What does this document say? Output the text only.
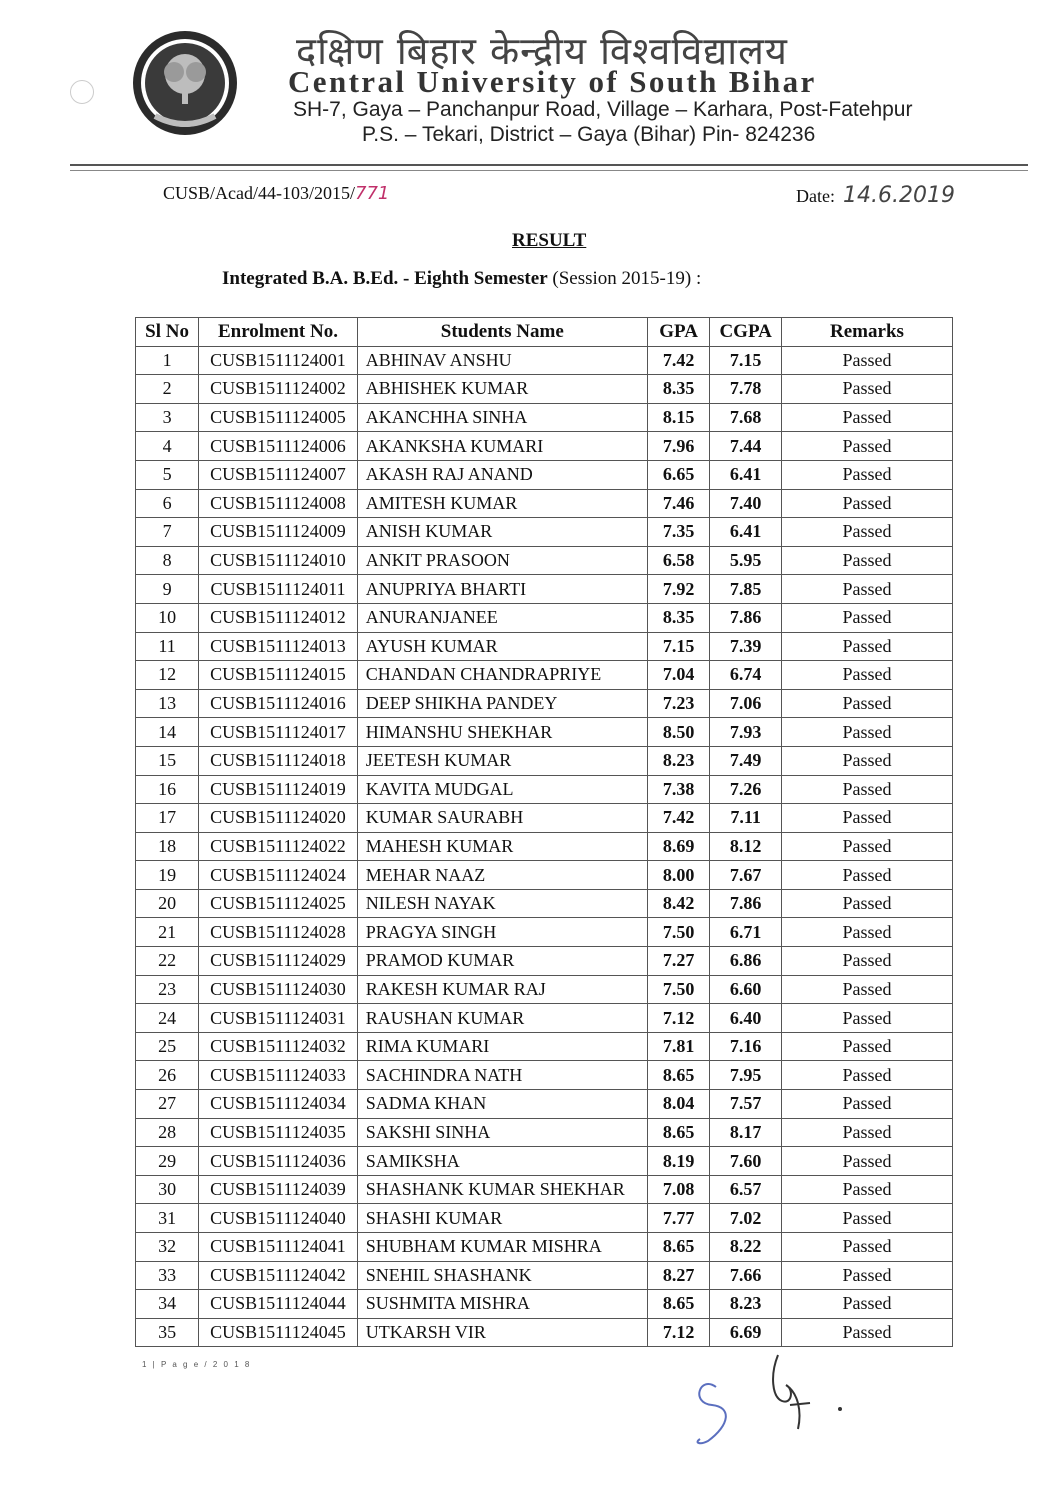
दक्षिण बिहार केन्द्रीय विश्वविद्यालय
Central University of South Bihar
SH-7, Gaya – Panchanpur Road, Village – Karhara, Post-Fatehpur
P.S. – Tekari, District – Gaya (Bihar) Pin- 824236
CUSB/Acad/44-103/2015/771	Date: 14.6.2019
RESULT
Integrated B.A. B.Ed. - Eighth Semester (Session 2015-19) :
Sl No	Enrolment No.	Students Name	GPA	CGPA	Remarks
1	CUSB1511124001	ABHINAV ANSHU	7.42	7.15	Passed
2	CUSB1511124002	ABHISHEK KUMAR	8.35	7.78	Passed
3	CUSB1511124005	AKANCHHA SINHA	8.15	7.68	Passed
4	CUSB1511124006	AKANKSHA KUMARI	7.96	7.44	Passed
5	CUSB1511124007	AKASH RAJ ANAND	6.65	6.41	Passed
6	CUSB1511124008	AMITESH KUMAR	7.46	7.40	Passed
7	CUSB1511124009	ANISH KUMAR	7.35	6.41	Passed
8	CUSB1511124010	ANKIT PRASOON	6.58	5.95	Passed
9	CUSB1511124011	ANUPRIYA BHARTI	7.92	7.85	Passed
10	CUSB1511124012	ANURANJANEE	8.35	7.86	Passed
11	CUSB1511124013	AYUSH KUMAR	7.15	7.39	Passed
12	CUSB1511124015	CHANDAN CHANDRAPRIYE	7.04	6.74	Passed
13	CUSB1511124016	DEEP SHIKHA PANDEY	7.23	7.06	Passed
14	CUSB1511124017	HIMANSHU SHEKHAR	8.50	7.93	Passed
15	CUSB1511124018	JEETESH KUMAR	8.23	7.49	Passed
16	CUSB1511124019	KAVITA MUDGAL	7.38	7.26	Passed
17	CUSB1511124020	KUMAR SAURABH	7.42	7.11	Passed
18	CUSB1511124022	MAHESH KUMAR	8.69	8.12	Passed
19	CUSB1511124024	MEHAR NAAZ	8.00	7.67	Passed
20	CUSB1511124025	NILESH NAYAK	8.42	7.86	Passed
21	CUSB1511124028	PRAGYA SINGH	7.50	6.71	Passed
22	CUSB1511124029	PRAMOD KUMAR	7.27	6.86	Passed
23	CUSB1511124030	RAKESH KUMAR RAJ	7.50	6.60	Passed
24	CUSB1511124031	RAUSHAN KUMAR	7.12	6.40	Passed
25	CUSB1511124032	RIMA KUMARI	7.81	7.16	Passed
26	CUSB1511124033	SACHINDRA NATH	8.65	7.95	Passed
27	CUSB1511124034	SADMA KHAN	8.04	7.57	Passed
28	CUSB1511124035	SAKSHI SINHA	8.65	8.17	Passed
29	CUSB1511124036	SAMIKSHA	8.19	7.60	Passed
30	CUSB1511124039	SHASHANK KUMAR SHEKHAR	7.08	6.57	Passed
31	CUSB1511124040	SHASHI KUMAR	7.77	7.02	Passed
32	CUSB1511124041	SHUBHAM KUMAR MISHRA	8.65	8.22	Passed
33	CUSB1511124042	SNEHIL SHASHANK	8.27	7.66	Passed
34	CUSB1511124044	SUSHMITA MISHRA	8.65	8.23	Passed
35	CUSB1511124045	UTKARSH VIR	7.12	6.69	Passed
1 | P a g e / 2 0 1 8
